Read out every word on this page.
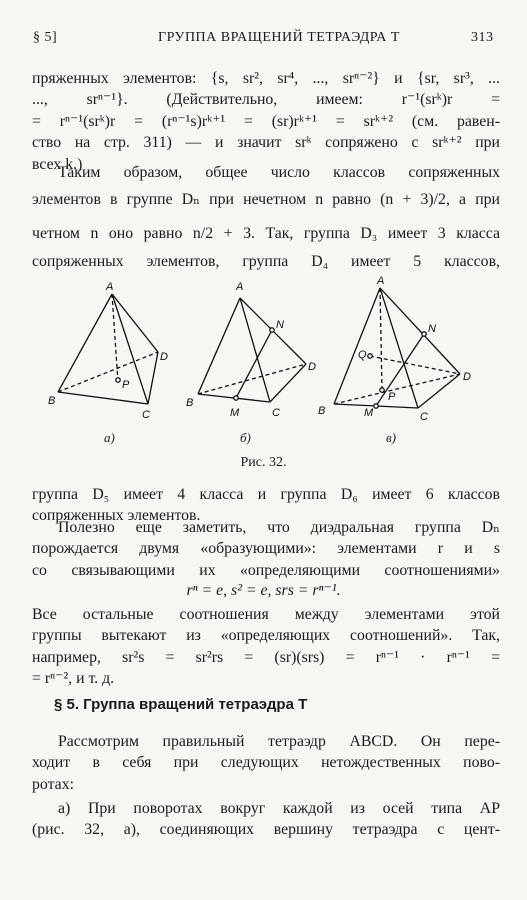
§ 5]	ГРУППА ВРАЩЕНИЙ ТЕТРАЭДРА T	313
пряженных элементов: {s, sr², sr⁴, ..., srⁿ⁻²} и {sr, sr³, ...
..., srⁿ⁻¹}. (Действительно, имеем: r⁻¹(srᵏ)r =
= rⁿ⁻¹(srᵏ)r = (rⁿ⁻¹s)rᵏ⁺¹ = (sr)rᵏ⁺¹ = srᵏ⁺² (см. равен-
ство на стр. 311) — и значит srᵏ сопряжено с srᵏ⁺² при
всех k.)
Таким образом, общее число классов сопряженных
элементов в группе Dₙ при нечетном n равно (n + 3)/2, а при
четном n оно равно n/2 + 3. Так, группа D₃ имеет 3 класса
сопряженных элементов, группа D₄ имеет 5 классов,
A
B
C
D
P
A
B
C
D
M
N
A
B	C
D
M
N
P
Q
а)	б)	в)
Рис. 32.
группа D₅ имеет 4 класса и группа D₆ имеет 6 классов
сопряженных элементов.
Полезно еще заметить, что диэдральная группа Dₙ
порождается двумя «образующими»: элементами r и s
со связывающими их «определяющими соотношениями»
rⁿ = e, s² = e, srs = rⁿ⁻¹.
Все остальные соотношения между элементами этой
группы вытекают из «определяющих соотношений». Так,
например, sr²s = sr²rs = (sr)(srs) = rⁿ⁻¹ · rⁿ⁻¹ =
= rⁿ⁻², и т. д.
§ 5. Группа вращений тетраэдра T
Рассмотрим правильный тетраэдр ABCD. Он пере-
ходит в себя при следующих нетождественных пово-
ротах:
а) При поворотах вокруг каждой из осей типа AP
(рис. 32, а), соединяющих вершину тетраэдра с цент-
